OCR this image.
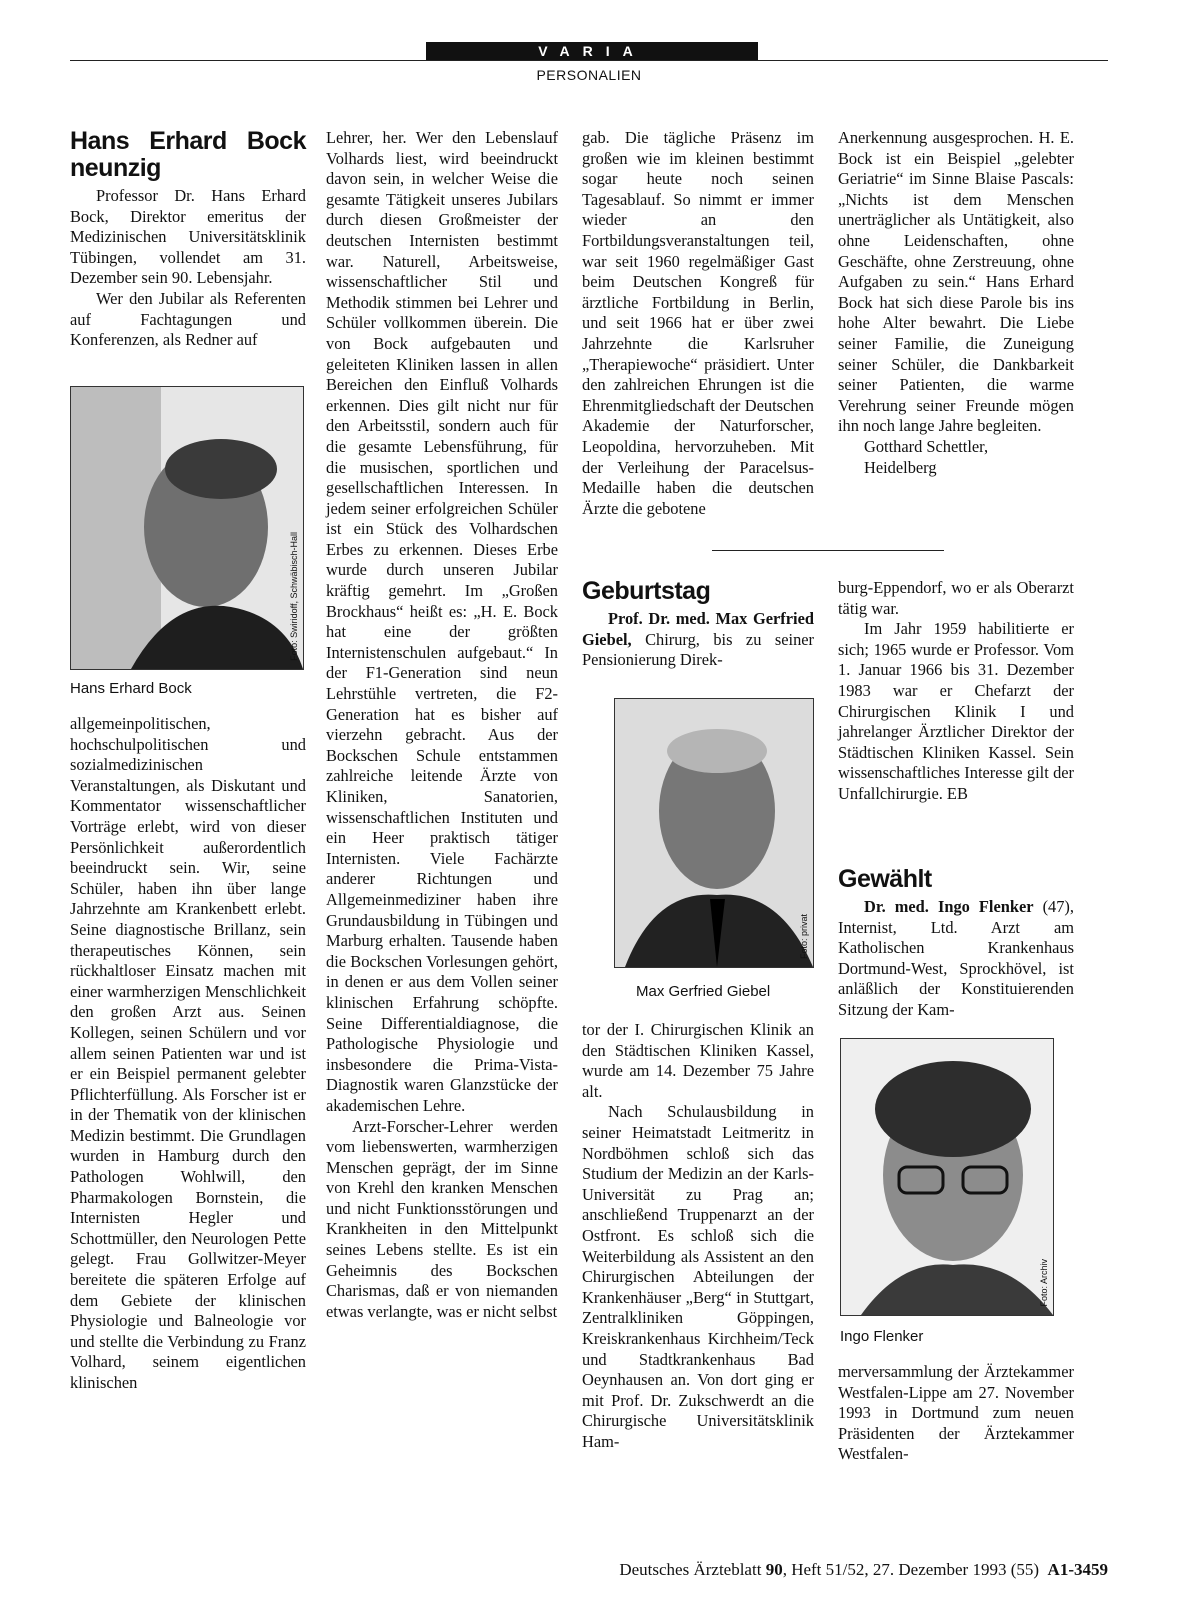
VARIA
PERSONALIEN
Hans Erhard Bock neunzig

Professor Dr. Hans Erhard Bock, Direktor emeritus der Medizinischen Universitätsklinik Tübingen, vollendet am 31. Dezember sein 90. Lebensjahr.

Wer den Jubilar als Referenten auf Fachtagungen und Konferenzen, als Redner auf

Foto: Swiridoff, Schwäbisch-Hall
Hans Erhard Bock

allgemeinpolitischen, hochschulpolitischen und sozialmedizinischen Veranstaltungen, als Diskutant und Kommentator wissenschaftlicher Vorträge erlebt, wird von dieser Persönlichkeit außerordentlich beeindruckt sein. Wir, seine Schüler, haben ihn über lange Jahrzehnte am Krankenbett erlebt. Seine diagnostische Brillanz, sein therapeutisches Können, sein rückhaltloser Einsatz machen mit einer warmherzigen Menschlichkeit den großen Arzt aus. Seinen Kollegen, seinen Schülern und vor allem seinen Patienten war und ist er ein Beispiel permanent gelebter Pflichterfüllung. Als Forscher ist er in der Thematik von der klinischen Medizin bestimmt. Die Grundlagen wurden in Hamburg durch den Pathologen Wohlwill, den Pharmakologen Bornstein, die Internisten Hegler und Schottmüller, den Neurologen Pette gelegt. Frau Gollwitzer-Meyer bereitete die späteren Erfolge auf dem Gebiete der klinischen Physiologie und Balneologie vor und stellte die Verbindung zu Franz Volhard, seinem eigentlichen klinischen

Lehrer, her. Wer den Lebenslauf Volhards liest, wird beeindruckt davon sein, in welcher Weise die gesamte Tätigkeit unseres Jubilars durch diesen Großmeister der deutschen Internisten bestimmt war. Naturell, Arbeitsweise, wissenschaftlicher Stil und Methodik stimmen bei Lehrer und Schüler vollkommen überein. Die von Bock aufgebauten und geleiteten Kliniken lassen in allen Bereichen den Einfluß Volhards erkennen. Dies gilt nicht nur für den Arbeitsstil, sondern auch für die gesamte Lebensführung, für die musischen, sportlichen und gesellschaftlichen Interessen. In jedem seiner erfolgreichen Schüler ist ein Stück des Volhardschen Erbes zu erkennen. Dieses Erbe wurde durch unseren Jubilar kräftig gemehrt. Im „Großen Brockhaus“ heißt es: „H. E. Bock hat eine der größten Internistenschulen aufgebaut.“ In der F1-Generation sind neun Lehrstühle vertreten, die F2-Generation hat es bisher auf vierzehn gebracht. Aus der Bockschen Schule entstammen zahlreiche leitende Ärzte von Kliniken, Sanatorien, wissenschaftlichen Instituten und ein Heer praktisch tätiger Internisten. Viele Fachärzte anderer Richtungen und Allgemeinmediziner haben ihre Grundausbildung in Tübingen und Marburg erhalten. Tausende haben die Bockschen Vorlesungen gehört, in denen er aus dem Vollen seiner klinischen Erfahrung schöpfte. Seine Differentialdiagnose, die Pathologische Physiologie und insbesondere die Prima-Vista-Diagnostik waren Glanzstücke der akademischen Lehre.

Arzt-Forscher-Lehrer werden vom liebenswerten, warmherzigen Menschen geprägt, der im Sinne von Krehl den kranken Menschen und nicht Funktionsstörungen und Krankheiten in den Mittelpunkt seines Lebens stellte. Es ist ein Geheimnis des Bockschen Charismas, daß er von niemanden etwas verlangte, was er nicht selbst

gab. Die tägliche Präsenz im großen wie im kleinen bestimmt sogar heute noch seinen Tagesablauf. So nimmt er immer wieder an den Fortbildungsveranstaltungen teil, war seit 1960 regelmäßiger Gast beim Deutschen Kongreß für ärztliche Fortbildung in Berlin, und seit 1966 hat er über zwei Jahrzehnte die Karlsruher „Therapiewoche“ präsidiert. Unter den zahlreichen Ehrungen ist die Ehrenmitgliedschaft der Deutschen Akademie der Naturforscher, Leopoldina, hervorzuheben. Mit der Verleihung der Paracelsus-Medaille haben die deutschen Ärzte die gebotene

Anerkennung ausgesprochen. H. E. Bock ist ein Beispiel „gelebter Geriatrie“ im Sinne Blaise Pascals: „Nichts ist dem Menschen unerträglicher als Untätigkeit, also ohne Leidenschaften, ohne Geschäfte, ohne Zerstreuung, ohne Aufgaben zu sein.“ Hans Erhard Bock hat sich diese Parole bis ins hohe Alter bewahrt. Die Liebe seiner Familie, die Zuneigung seiner Schüler, die Dankbarkeit seiner Patienten, die warme Verehrung seiner Freunde mögen ihn noch lange Jahre begleiten.

Gotthard Schettler,

Heidelberg

Geburtstag

Prof. Dr. med. Max Gerfried Giebel, Chirurg, bis zu seiner Pensionierung Direk-

Foto: privat
Max Gerfried Giebel

tor der I. Chirurgischen Klinik an den Städtischen Kliniken Kassel, wurde am 14. Dezember 75 Jahre alt.

Nach Schulausbildung in seiner Heimatstadt Leitmeritz in Nordböhmen schloß sich das Studium der Medizin an der Karls-Universität zu Prag an; anschließend Truppenarzt an der Ostfront. Es schloß sich die Weiterbildung als Assistent an den Chirurgischen Abteilungen der Krankenhäuser „Berg“ in Stuttgart, Zentralkliniken Göppingen, Kreiskrankenhaus Kirchheim/Teck und Stadtkrankenhaus Bad Oeynhausen an. Von dort ging er mit Prof. Dr. Zukschwerdt an die Chirurgische Universitätsklinik Ham-

burg-Eppendorf, wo er als Oberarzt tätig war.

Im Jahr 1959 habilitierte er sich; 1965 wurde er Professor. Vom 1. Januar 1966 bis 31. Dezember 1983 war er Chefarzt der Chirurgischen Klinik I und jahrelanger Ärztlicher Direktor der Städtischen Kliniken Kassel. Sein wissenschaftliches Interesse gilt der Unfallchirurgie. EB

Gewählt

Dr. med. Ingo Flenker (47), Internist, Ltd. Arzt am Katholischen Krankenhaus Dortmund-West, Sprockhövel, ist anläßlich der Konstituierenden Sitzung der Kam-

Foto: Archiv
Ingo Flenker

merversammlung der Ärztekammer Westfalen-Lippe am 27. November 1993 in Dortmund zum neuen Präsidenten der Ärztekammer Westfalen-

Deutsches Ärzteblatt 90, Heft 51/52, 27. Dezember 1993 (55) A1-3459
